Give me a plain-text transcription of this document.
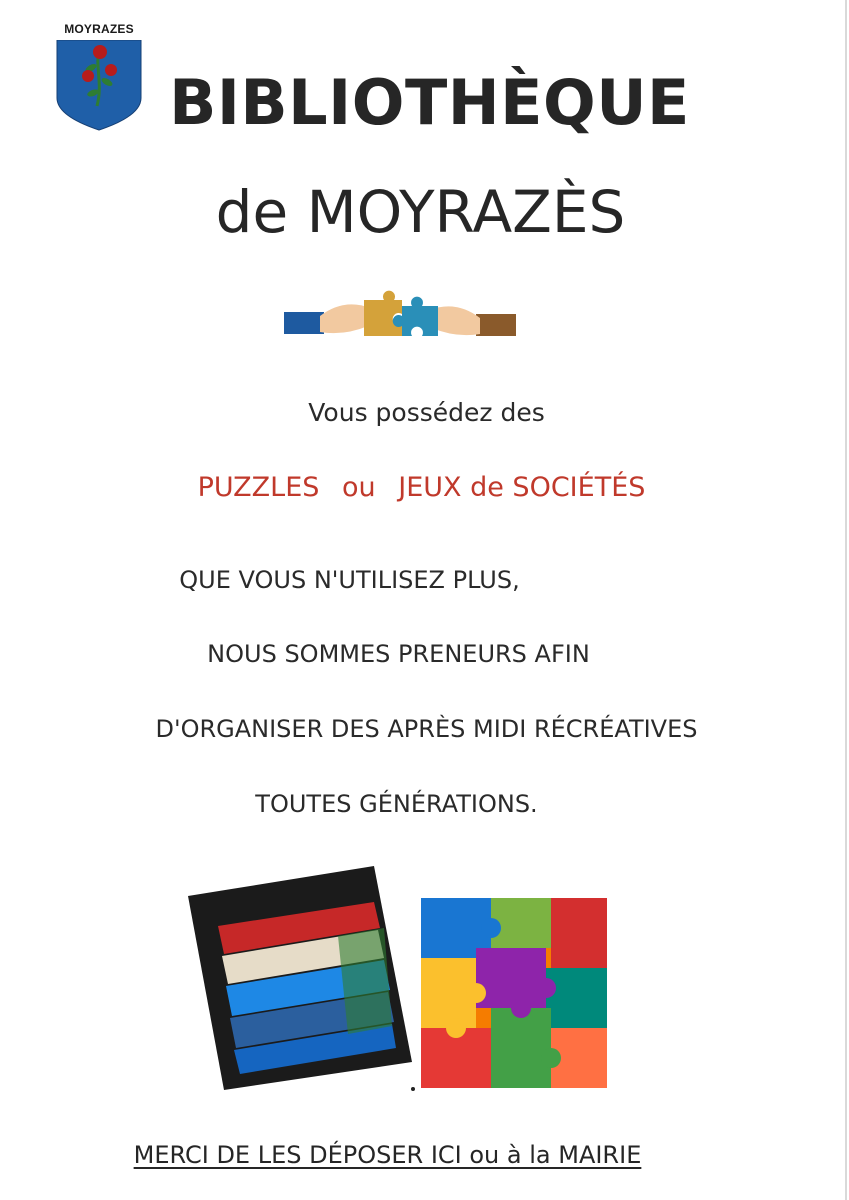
MOYRAZES
BIBLIOTHÈQUE
de MOYRAZÈS

Vous possédez des

PUZZLES ou JEUX de SOCIÉTÉS

QUE VOUS N'UTILISEZ PLUS,

NOUS SOMMES PRENEURS AFIN

D'ORGANISER DES APRÈS MIDI RÉCRÉATIVES

TOUTES GÉNÉRATIONS.

MERCI DE LES DÉPOSER ICI ou à la MAIRIE
